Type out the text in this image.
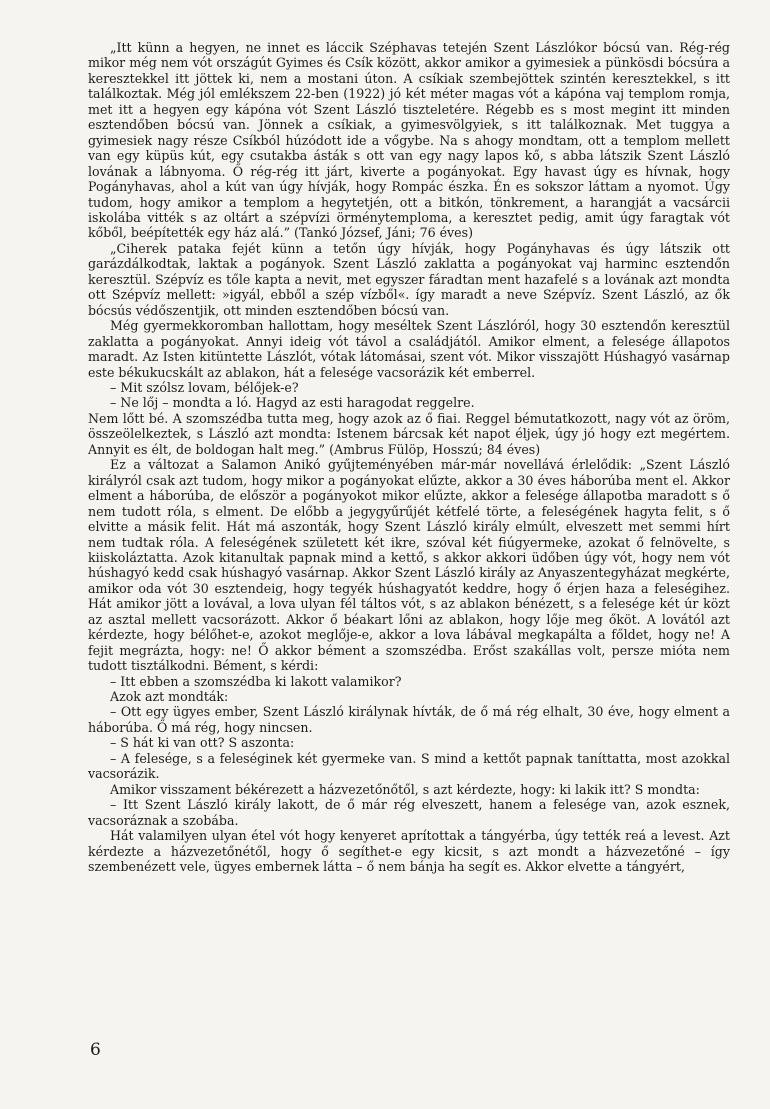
„Itt künn a hegyen, ne innet es láccik Széphavas tetején Szent Lászlókor bócsú van. Rég-rég mikor még nem vót országút Gyimes és Csík között, akkor amikor a gyimesiek a pünkösdi bócsúra a keresztekkel itt jöttek ki, nem a mostani úton. A csíkiak szembejöttek szintén keresztekkel, s itt találkoztak. Még jól emlékszem 22-ben (1922) jó két méter magas vót a kápóna vaj templom romja, met itt a hegyen egy kápóna vót Szent László tiszteletére. Régebb es s most megint itt minden esztendőben bócsú van. Jönnek a csíkiak, a gyimesvölgyiek, s itt találkoznak. Met tuggya a gyimesiek nagy része Csíkból húzódott ide a vőgybe. Na s ahogy mondtam, ott a templom mellett van egy küpüs kút, egy csutakba ásták s ott van egy nagy lapos kő, s abba látszik Szent László lovának a lábnyoma. Ő rég-rég itt járt, kiverte a pogányokat. Egy havast úgy es hívnak, hogy Pogányhavas, ahol a kút van úgy hívják, hogy Rompác észka. Én es sokszor láttam a nyomot. Úgy tudom, hogy amikor a templom a hegytetjén, ott a bitkón, tönkrement, a harangját a vacsárcii iskolába vitték s az oltárt a szépvízi örménytemploma, a keresztet pedig, amit úgy faragtak vót kőből, beépítették egy ház alá.” (Tankó József, Jáni; 76 éves)

„Ciherek pataka fejét künn a tetőn úgy hívják, hogy Pogányhavas és úgy látszik ott garázdálkodtak, laktak a pogányok. Szent László zaklatta a pogányokat vaj harminc esztendőn keresztül. Szépvíz es tőle kapta a nevit, met egyszer fáradtan ment hazafelé s a lovának azt mondta ott Szépvíz mellett: »igyál, ebből a szép vízből«. így maradt a neve Szépvíz. Szent László, az ők bócsús védőszentjik, ott minden esztendőben bócsú van.

Még gyermekkoromban hallottam, hogy meséltek Szent Lászlóról, hogy 30 esztendőn keresztül zaklatta a pogányokat. Annyi ideig vót távol a családjától. Amikor elment, a felesége állapotos maradt. Az Isten kitüntette Lászlót, vótak látomásai, szent vót. Mikor visszajött Húshagyó vasárnap este békukucskált az ablakon, hát a felesége vacsorázik két emberrel.

– Mit szólsz lovam, bélőjek-e?

– Ne lőj – mondta a ló. Hagyd az esti haragodat reggelre.

Nem lőtt bé. A szomszédba tutta meg, hogy azok az ő fiai. Reggel bémutatkozott, nagy vót az öröm, összeölelkeztek, s László azt mondta: Istenem bárcsak két napot éljek, úgy jó hogy ezt megértem. Annyit es élt, de boldogan halt meg.” (Ambrus Fülöp, Hosszú; 84 éves)

Ez a változat a Salamon Anikó gyűjteményében már-már novellává érlelődik: „Szent László királyról csak azt tudom, hogy mikor a pogányokat elűzte, akkor a 30 éves háborúba ment el. Akkor elment a háborúba, de először a pogányokot mikor elűzte, akkor a felesége állapotba maradott s ő nem tudott róla, s elment. De előbb a jegygyűrűjét kétfelé törte, a feleségének hagyta felit, s ő elvitte a másik felit. Hát má aszonták, hogy Szent László király elmúlt, elveszett met semmi hírt nem tudtak róla. A feleségének született két ikre, szóval két fiúgyermeke, azokat ő felnövelte, s kiiskoláztatta. Azok kitanultak papnak mind a kettő, s akkor akkori üdőben úgy vót, hogy nem vót húshagyó kedd csak húshagyó vasárnap. Akkor Szent László király az Anyaszentegyházat megkérte, amikor oda vót 30 esztendeig, hogy tegyék húshagyatót keddre, hogy ő érjen haza a feleségihez. Hát amikor jött a lovával, a lova ulyan fél táltos vót, s az ablakon bénézett, s a felesége két úr közt az asztal mellett vacsorázott. Akkor ő béakart lőni az ablakon, hogy lője meg őköt. A lovától azt kérdezte, hogy bélőhet-e, azokot meglője-e, akkor a lova lábával megkapálta a főldet, hogy ne! A fejit megrázta, hogy: ne! Ő akkor bément a szomszédba. Erőst szakállas volt, persze mióta nem tudott tisztálkodni. Bément, s kérdi:

– Itt ebben a szomszédba ki lakott valamikor?

Azok azt mondták:

– Ott egy ügyes ember, Szent László királynak hívták, de ő má rég elhalt, 30 éve, hogy elment a háborúba. Ő má rég, hogy nincsen.

– S hát ki van ott? S aszonta:

– A felesége, s a feleséginek két gyermeke van. S mind a kettőt papnak taníttatta, most azokkal vacsorázik.

Amikor visszament békérezett a házvezetőnőtől, s azt kérdezte, hogy: ki lakik itt? S mondta:

– Itt Szent László király lakott, de ő már rég elveszett, hanem a felesége van, azok esznek, vacsoráznak a szobába.

Hát valamilyen ulyan étel vót hogy kenyeret aprítottak a tángyérba, úgy tették reá a levest. Azt kérdezte a házvezetőnétől, hogy ő segíthet-e egy kicsit, s azt mondt a házvezetőné – így szembenézett vele, ügyes embernek látta – ő nem bánja ha segít es. Akkor elvette a tángyért,

6
